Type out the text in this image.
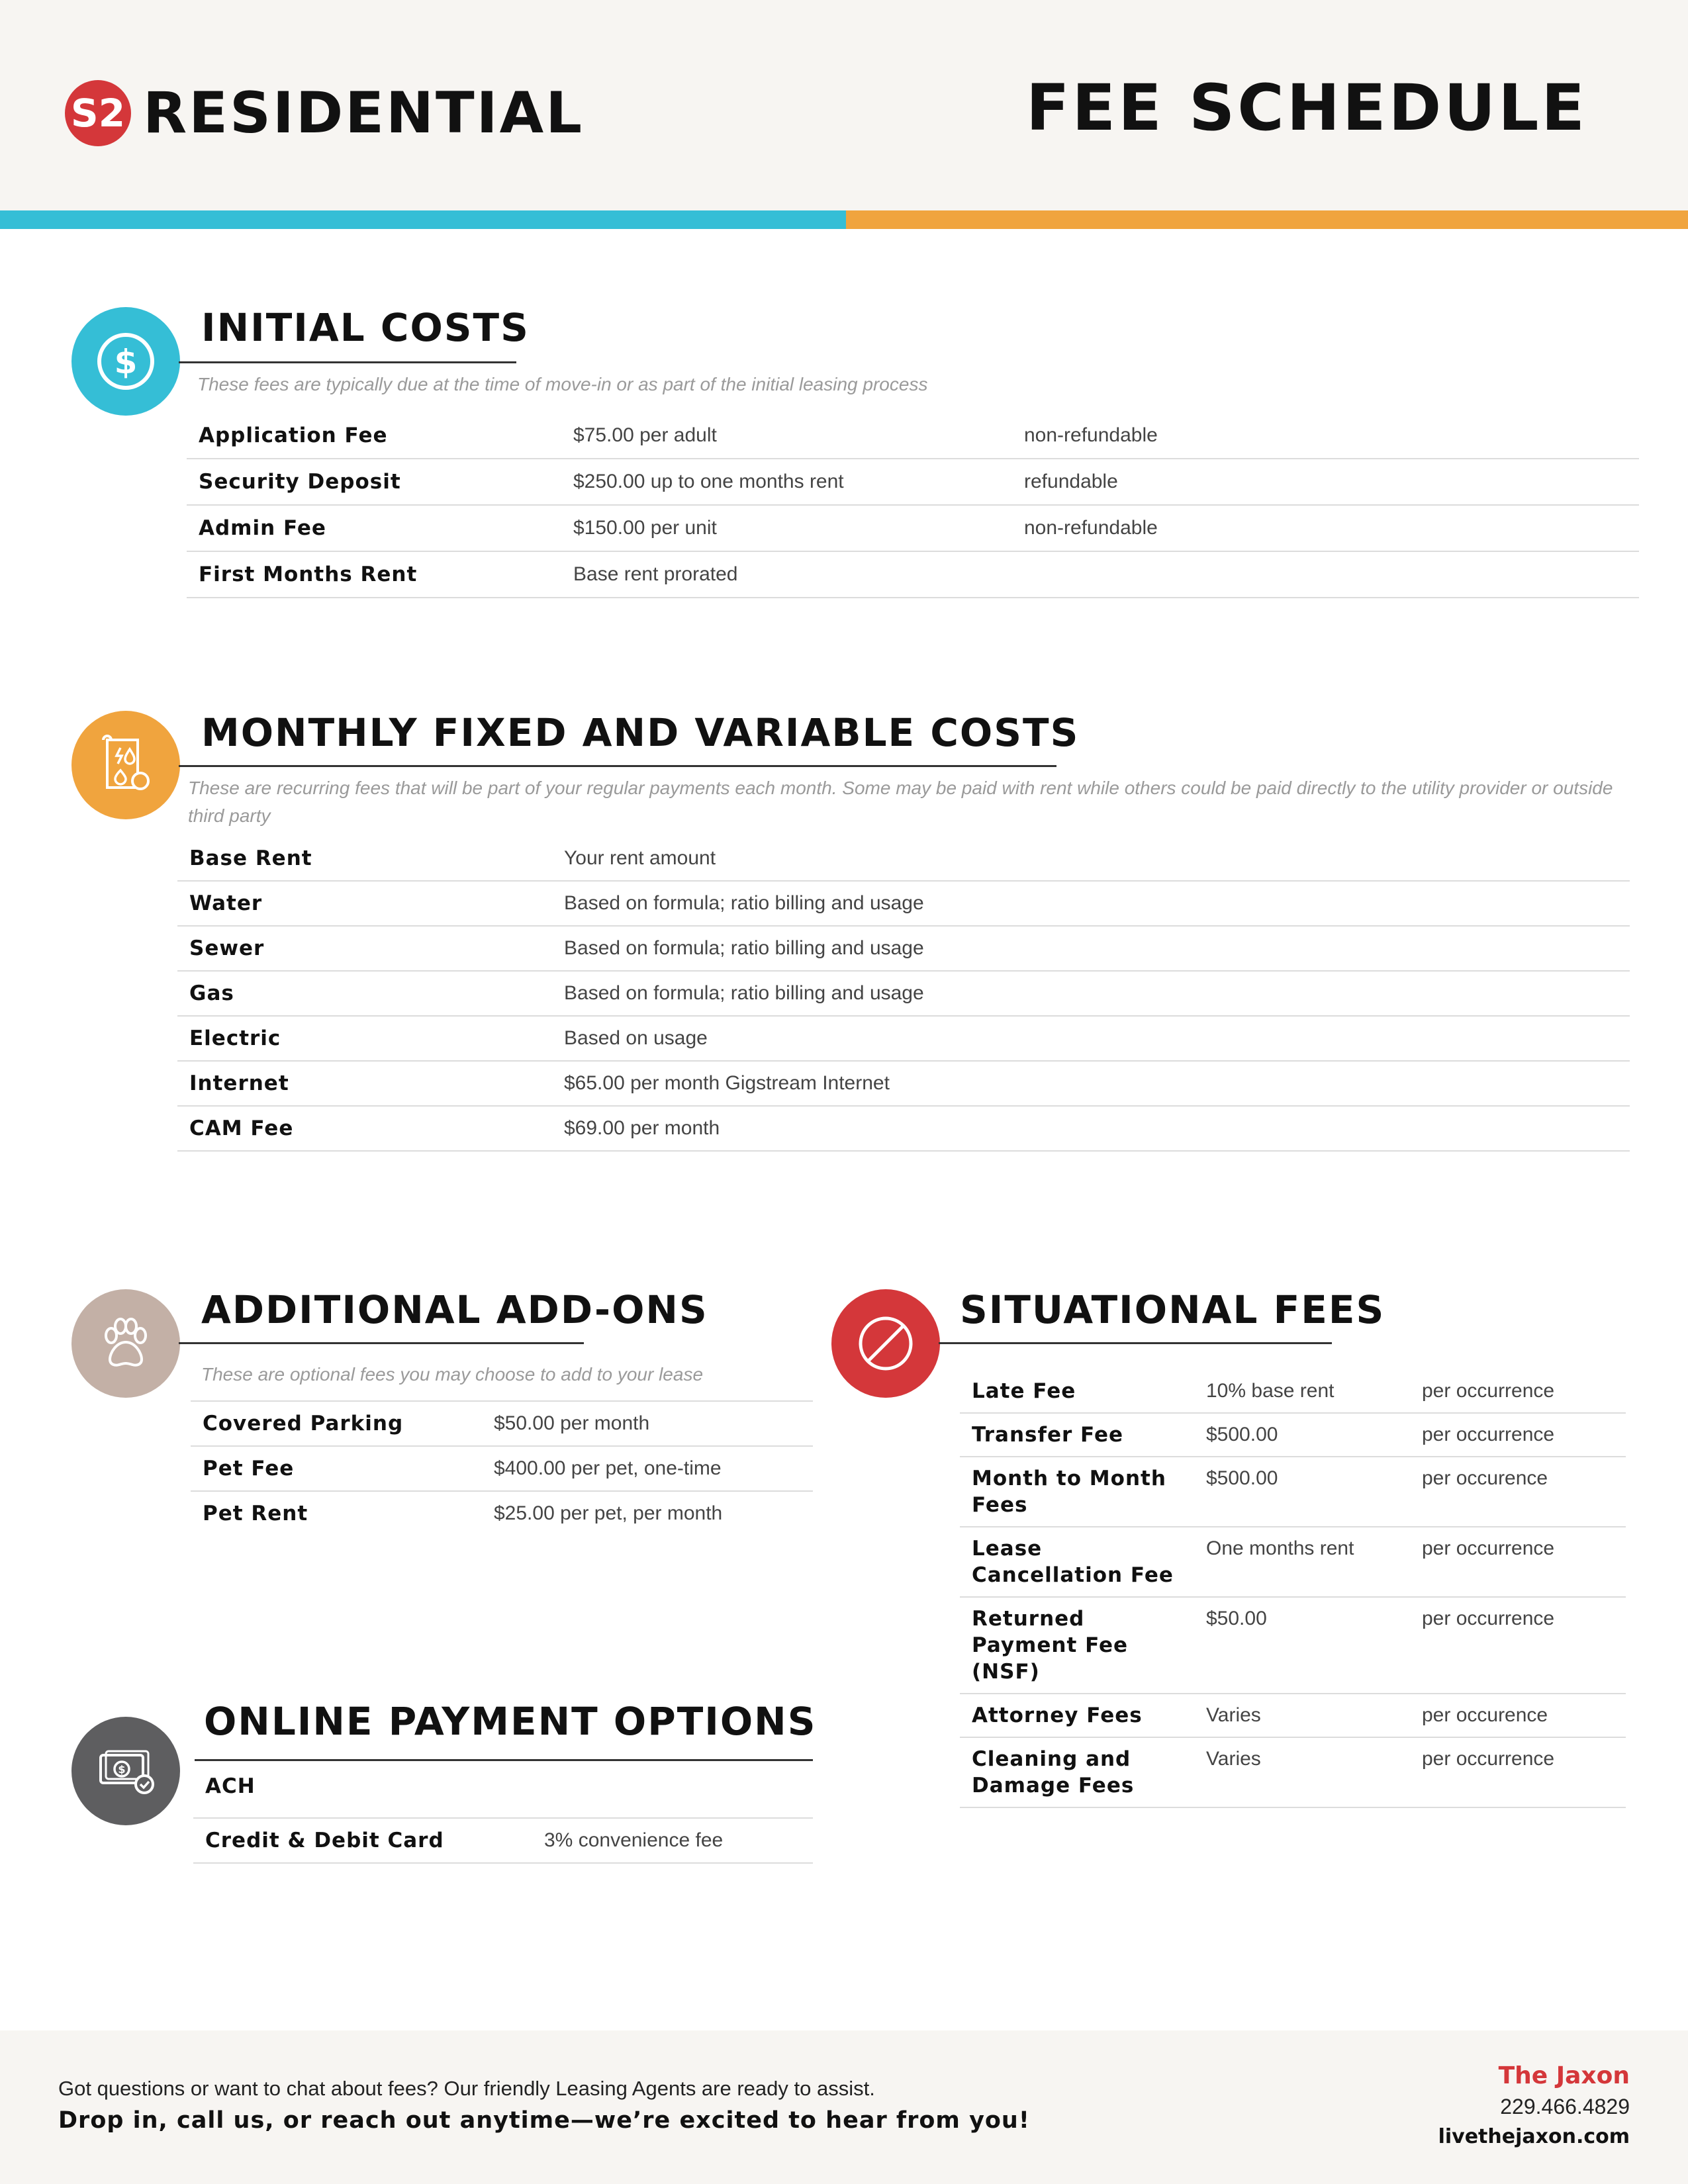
S2 RESIDENTIAL	FEE SCHEDULE
$
INITIAL COSTS
These fees are typically due at the time of move-in or as part of the initial leasing process
Application Fee	$75.00 per adult	non-refundable
Security Deposit	$250.00 up to one months rent	refundable
Admin Fee	$150.00 per unit	non-refundable
First Months Rent	Base rent prorated	
MONTHLY FIXED AND VARIABLE COSTS
These are recurring fees that will be part of your regular payments each month. Some may be paid with rent while others could be paid directly to the utility provider or outside third party
Base Rent	Your rent amount
Water	Based on formula; ratio billing and usage
Sewer	Based on formula; ratio billing and usage
Gas	Based on formula; ratio billing and usage
Electric	Based on usage
Internet	$65.00 per month Gigstream Internet
CAM Fee	$69.00 per month
ADDITIONAL ADD-ONS
These are optional fees you may choose to add to your lease
Covered Parking	$50.00 per month
Pet Fee	$400.00 per pet, one-time
Pet Rent	$25.00 per pet, per month
SITUATIONAL FEES
Late Fee	10% base rent	per occurrence
Transfer Fee	$500.00	per occurrence
Month to Month Fees	$500.00	per occurence
Lease Cancellation Fee	One months rent	per occurrence
Returned Payment Fee (NSF)	$50.00	per occurrence
Attorney Fees	Varies	per occurence
Cleaning and Damage Fees	Varies	per occurrence
$
ONLINE PAYMENT OPTIONS
ACH	
Credit & Debit Card	3% convenience fee
Got questions or want to chat about fees? Our friendly Leasing Agents are ready to assist.
Drop in, call us, or reach out anytime—we’re excited to hear from you!
The Jaxon
229.466.4829
livethejaxon.com
